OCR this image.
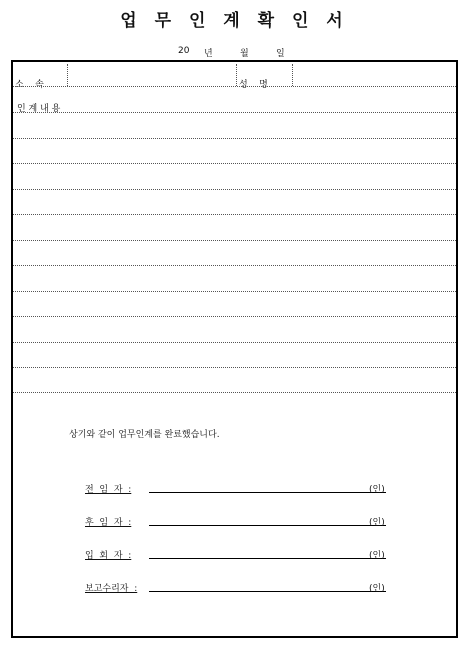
업 무 인 계 확 인 서
20 년	월	일
소    속	성    명
인 계 내 용
상기와 같이 업무인계를 완료했습니다.
전  임  자  :	(인)
후  임  자  :	(인)
입  회  자  :	(인)
보고수리자  :	(인)
